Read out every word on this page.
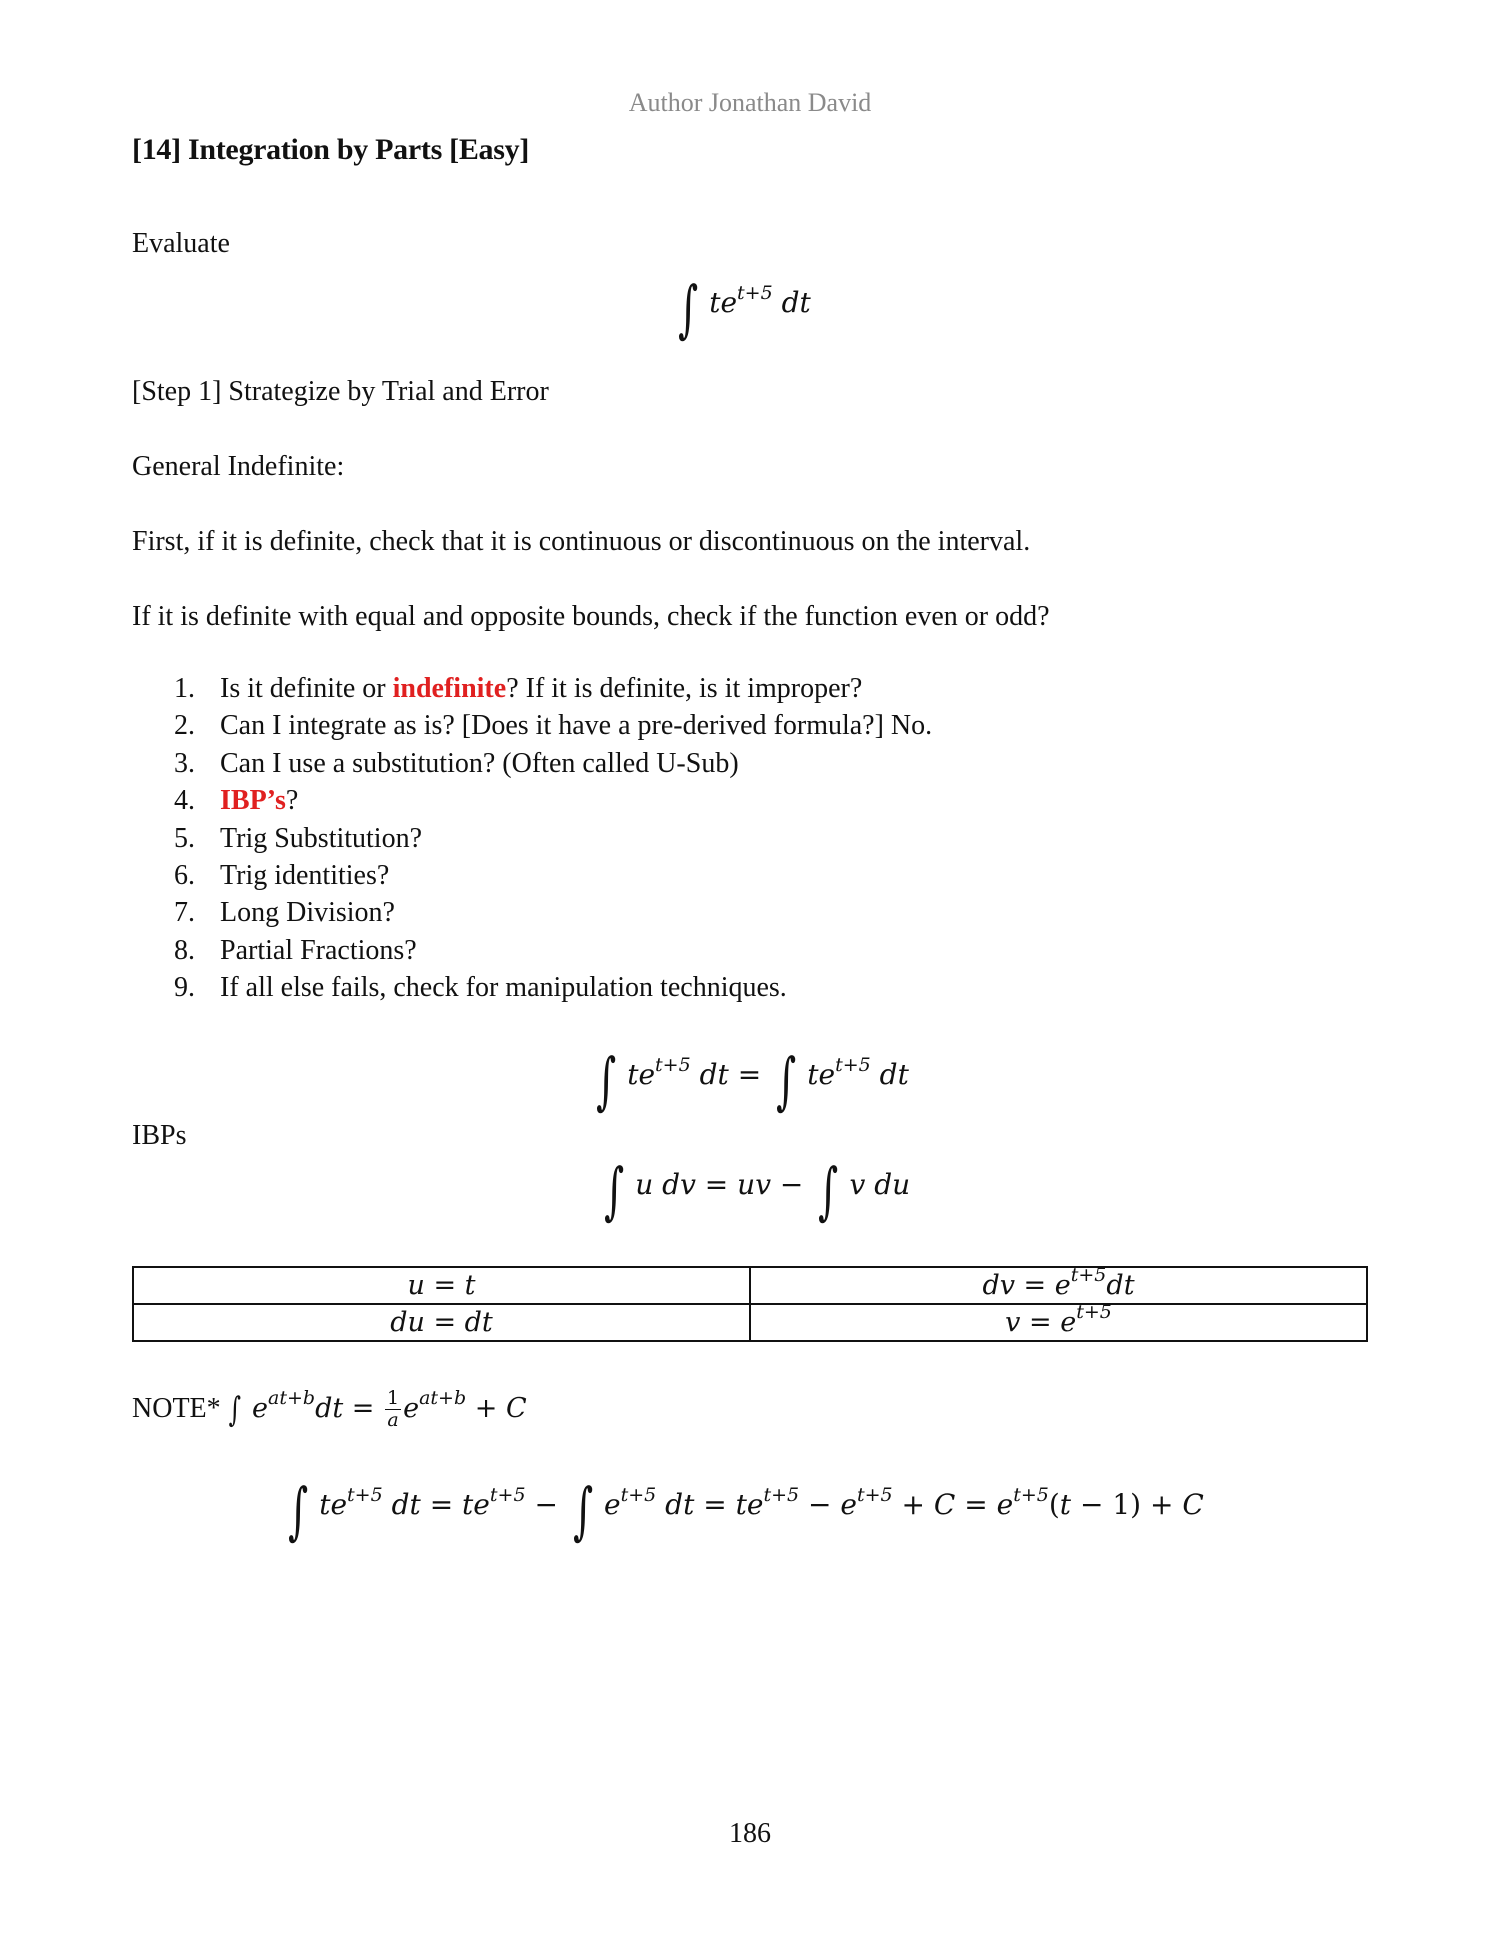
Author Jonathan David
[14] Integration by Parts [Easy]
Evaluate
∫ $te^{t+5}$ dt
[Step 1] Strategize by Trial and Error
General Indefinite:
First, if it is definite, check that it is continuous or discontinuous on the interval.
If it is definite with equal and opposite bounds, check if the function even or odd?
1. Is it definite or indefinite? If it is definite, is it improper?
2. Can I integrate as is? [Does it have a pre-derived formula?] No.
3. Can I use a substitution? (Often called U-Sub)
4. IBP’s?
5. Trig Substitution?
6. Trig identities?
7. Long Division?
8. Partial Fractions?
9. If all else fails, check for manipulation techniques.
∫ $te^{t+5}$ dt = ∫ $te^{t+5}$ dt
IBPs
∫ u dv = uv − ∫ v du
u = t	dv = $e^{t+5}dt$
du = dt	$v = e^{t+5}$
NOTE* ∫ $e^{at+b}dt = \frac{1}{a} e^{at+b} + C$
∫ $te^{t+5}$ dt = $te^{t+5}$ − ∫ $e^{t+5}$ dt = $te^{t+5} - e^{t+5} + C = e^{t+5}(t - 1) + C$
186
